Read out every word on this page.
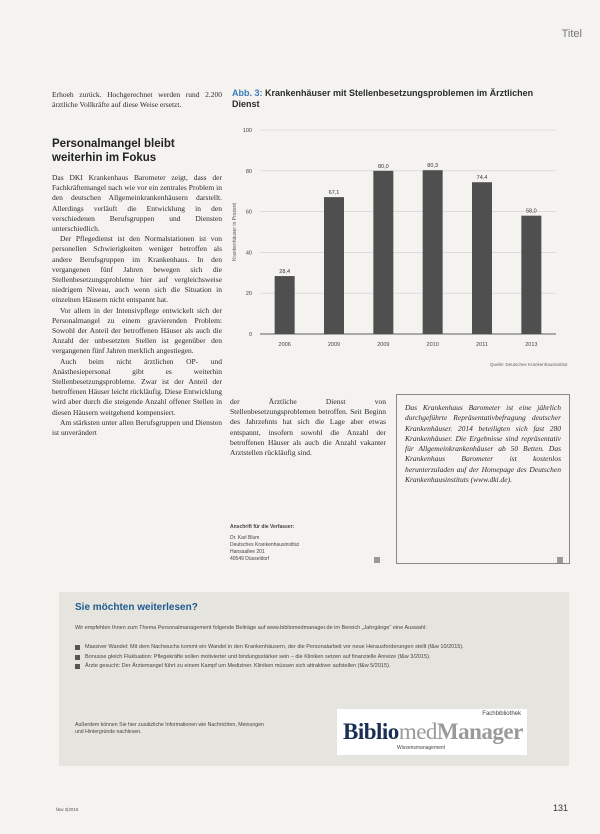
Titel
Erhoeh zurück. Hochgerechnet werden rund 2.200 ärztliche Vollkräfte auf diese Weise ersetzt.
Personalmangel bleibt weiterhin im Fokus

Das DKI Krankenhaus Barometer zeigt, dass der Fachkräftemangel nach wie vor ein zentrales Problem in den deutschen Allgemeinkrankenhäusern darstellt. Allerdings verläuft die Entwicklung in den verschiedenen Berufsgruppen und Diensten unterschiedlich.

Der Pflegedienst ist den Normalstationen ist von personellen Schwierigkeiten weniger betroffen als andere Berufsgruppen im Krankenhaus. In den vergangenen fünf Jahren bewegen sich die Stellenbesetzungsprobleme hier auf vergleichsweise niedrigem Niveau, auch wenn sich die Situation in einzelnen Häusern nicht entspannt hat.

Vor allem in der Intensivpflege entwickelt sich der Personalmangel zu einem gravierenden Problem: Sowohl der Anteil der betroffenen Häuser als auch die Anzahl der unbesetzten Stellen ist gegenüber den vergangenen fünf Jahren merklich angestiegen.

Auch beim nicht ärztlichen OP- und Anästhesiepersonal gibt es weiterhin Stellenbesetzungsprobleme. Zwar ist der Anteil der betroffenen Häuser leicht rückläufig. Diese Entwicklung wird aber durch die steigende Anzahl offener Stellen in diesen Häusern weitgehend kompensiert.

Am stärksten unter allen Berufsgruppen und Diensten ist unverändert

Abb. 3: Krankenhäuser mit Stellenbesetzungsproblemen im Ärztlichen Dienst
0
20
40
60
80
100
Krankenhäuser in Prozent
28,4
2006
67,1
2009
80,0
2009
80,3
2010
74,4
2011
58,0
2013
Quelle: Deutsches Krankenhausinstitut
der Ärztliche Dienst von Stellenbesetzungsproblemen betroffen. Seit Beginn des Jahrzehnts hat sich die Lage aber etwas entspannt, insofern sowohl die Anzahl der betroffenen Häuser als auch die Anzahl vakanter Arztstellen rückläufig sind.
Anschrift für die Verfasser:
Dr. Karl Blum
Deutsches Krankenhausinstitut
Hansaallee 201
40549 Düsseldorf

Das Krankenhaus Barometer ist eine jährlich durchgeführte Repräsentativbefragung deutscher Krankenhäuser. 2014 beteiligten sich fast 280 Krankenhäuser. Die Ergebnisse sind repräsentativ für Allgemeinkrankenhäuser ab 50 Betten. Das Krankenhaus Barometer ist kostenlos herunterzuladen auf der Homepage des Deutschen Krankenhausinstituts (www.dki.de).

Sie möchten weiterlesen?
Wir empfehlen Ihnen zum Thema Personalmanagement folgende Beiträge auf www.bibliomedmanager.de im Bereich „Jahrgänge“ eine Auswahl:
Massiver Wandel: Mit dem Nachwuchs kommt ein Wandel in den Krankenhäusern, der die Personalarbeit vor neue Herausforderungen stellt (f&w 10/2015).
Bonusse gleich Fluktuation: Pflegekräfte sollen motivierter und bindungsstärker sein – die Kliniken setzen auf finanzielle Anreize (f&w 3/2015).
Ärzte gesucht: Der Ärztemangel führt zu einem Kampf um Mediziner. Kliniken müssen sich attraktiver aufstellen (f&w 5/2015).
Außerdem können Sie hier zusätzliche Informationen wie Nachrichten, Meinungen und Hintergründe nachlesen.
Fachbibliothek
BibliomedManager
Wissensmanagement
f&w 2|2016	131
